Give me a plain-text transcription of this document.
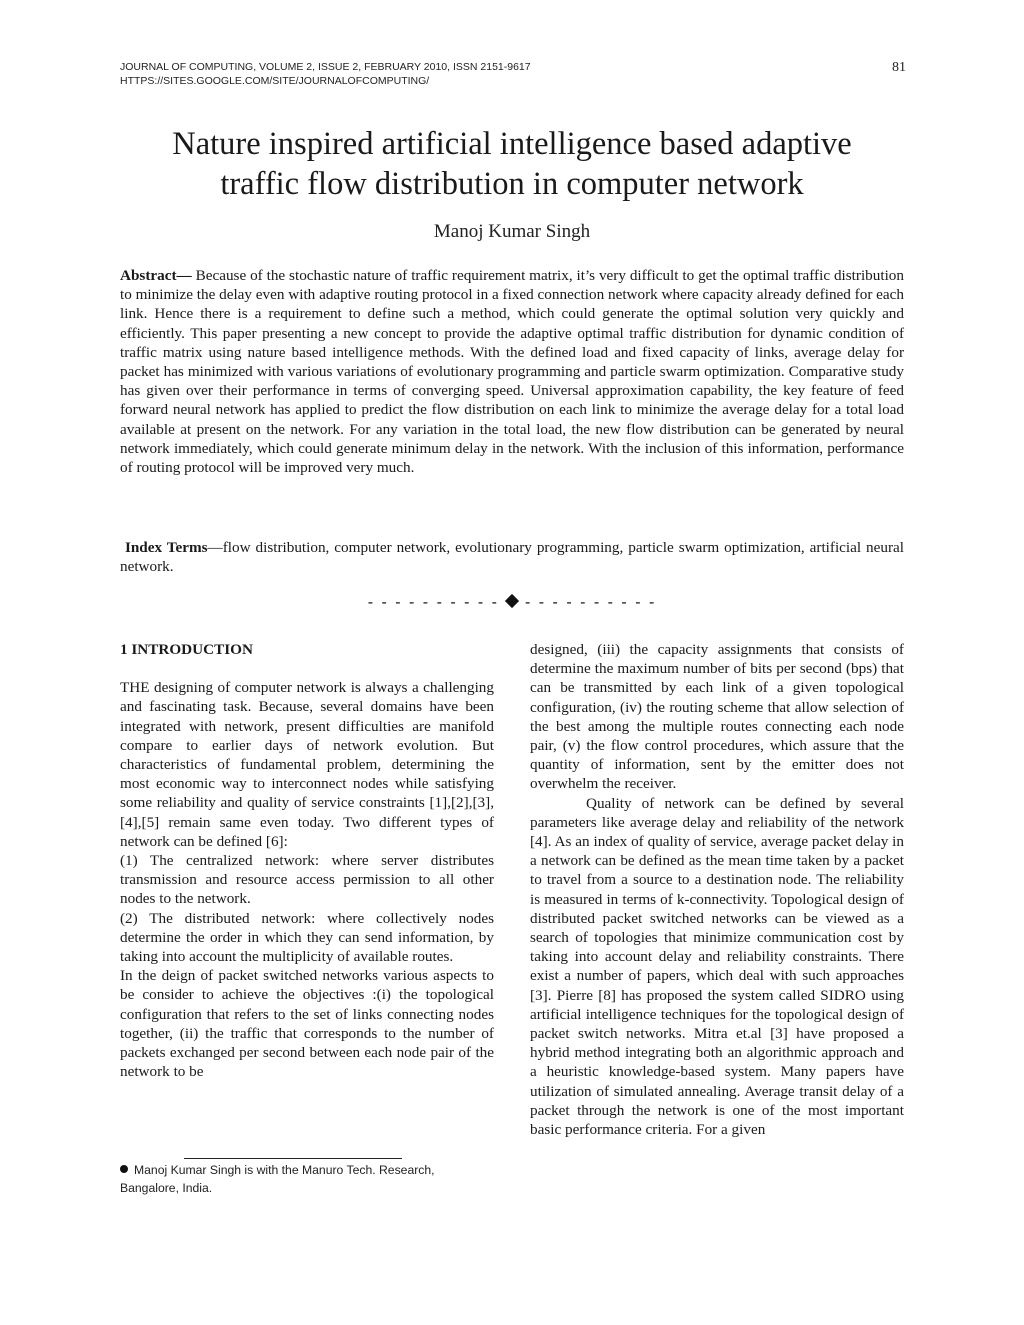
JOURNAL OF COMPUTING, VOLUME 2, ISSUE 2, FEBRUARY 2010, ISSN 2151-9617
HTTPS://SITES.GOOGLE.COM/SITE/JOURNALOFCOMPUTING/
81
Nature inspired artificial intelligence based adaptive
traffic flow distribution in computer network
Manoj Kumar Singh
Abstract— Because of the stochastic nature of traffic requirement matrix, it’s very difficult to get the optimal traffic distribution to minimize the delay even with adaptive routing protocol in a fixed connection network where capacity already defined for each link. Hence there is a requirement to define such a method, which could generate the optimal solution very quickly and efficiently. This paper presenting a new concept to provide the adaptive optimal traffic distribution for dynamic condition of traffic matrix using nature based intelligence methods. With the defined load and fixed capacity of links, average delay for packet has minimized with various variations of evolutionary programming and particle swarm optimization. Comparative study has given over their performance in terms of converging speed. Universal approximation capability, the key feature of feed forward neural network has applied to predict the flow distribution on each link to minimize the average delay for a total load available at present on the network. For any variation in the total load, the new flow distribution can be generated by neural network immediately, which could generate minimum delay in the network. With the inclusion of this information, performance of routing protocol will be improved very much.
Index Terms—flow distribution, computer network, evolutionary programming, particle swarm optimization, artificial neural network.
- - - - - - - - - - - - - - - - - - - -
1 INTRODUCTION

THE designing of computer network is always a challenging and fascinating task. Because, several domains have been integrated with network, present difficulties are manifold compare to earlier days of network evolution. But characteristics of fundamental problem, determining the most economic way to interconnect nodes while satisfying some reliability and quality of service constraints [1],[2],[3],[4],[5] remain same even today. Two different types of network can be defined [6]:

(1) The centralized network: where server distributes transmission and resource access permission to all other nodes to the network.

(2) The distributed network: where collectively nodes determine the order in which they can send information, by taking into account the multiplicity of available routes.

In the deign of packet switched networks various aspects to be consider to achieve the objectives :(i) the topological configuration that refers to the set of links connecting nodes together, (ii) the traffic that corresponds to the number of packets exchanged per second between each node pair of the network to be

designed, (iii) the capacity assignments that consists of determine the maximum number of bits per second (bps) that can be transmitted by each link of a given topological configuration, (iv) the routing scheme that allow selection of the best among the multiple routes connecting each node pair, (v) the flow control procedures, which assure that the quantity of information, sent by the emitter does not overwhelm the receiver.

Quality of network can be defined by several parameters like average delay and reliability of the network [4]. As an index of quality of service, average packet delay in a network can be defined as the mean time taken by a packet to travel from a source to a destination node. The reliability is measured in terms of k-connectivity. Topological design of distributed packet switched networks can be viewed as a search of topologies that minimize communication cost by taking into account delay and reliability constraints. There exist a number of papers, which deal with such approaches [3]. Pierre [8] has proposed the system called SIDRO using artificial intelligence techniques for the topological design of packet switch networks. Mitra et.al [3] have proposed a hybrid method integrating both an algorithmic approach and a heuristic knowledge-based system. Many papers have utilization of simulated annealing. Average transit delay of a packet through the network is one of the most important basic performance criteria. For a given

Manoj Kumar Singh is with the Manuro Tech. Research, Bangalore, India.
